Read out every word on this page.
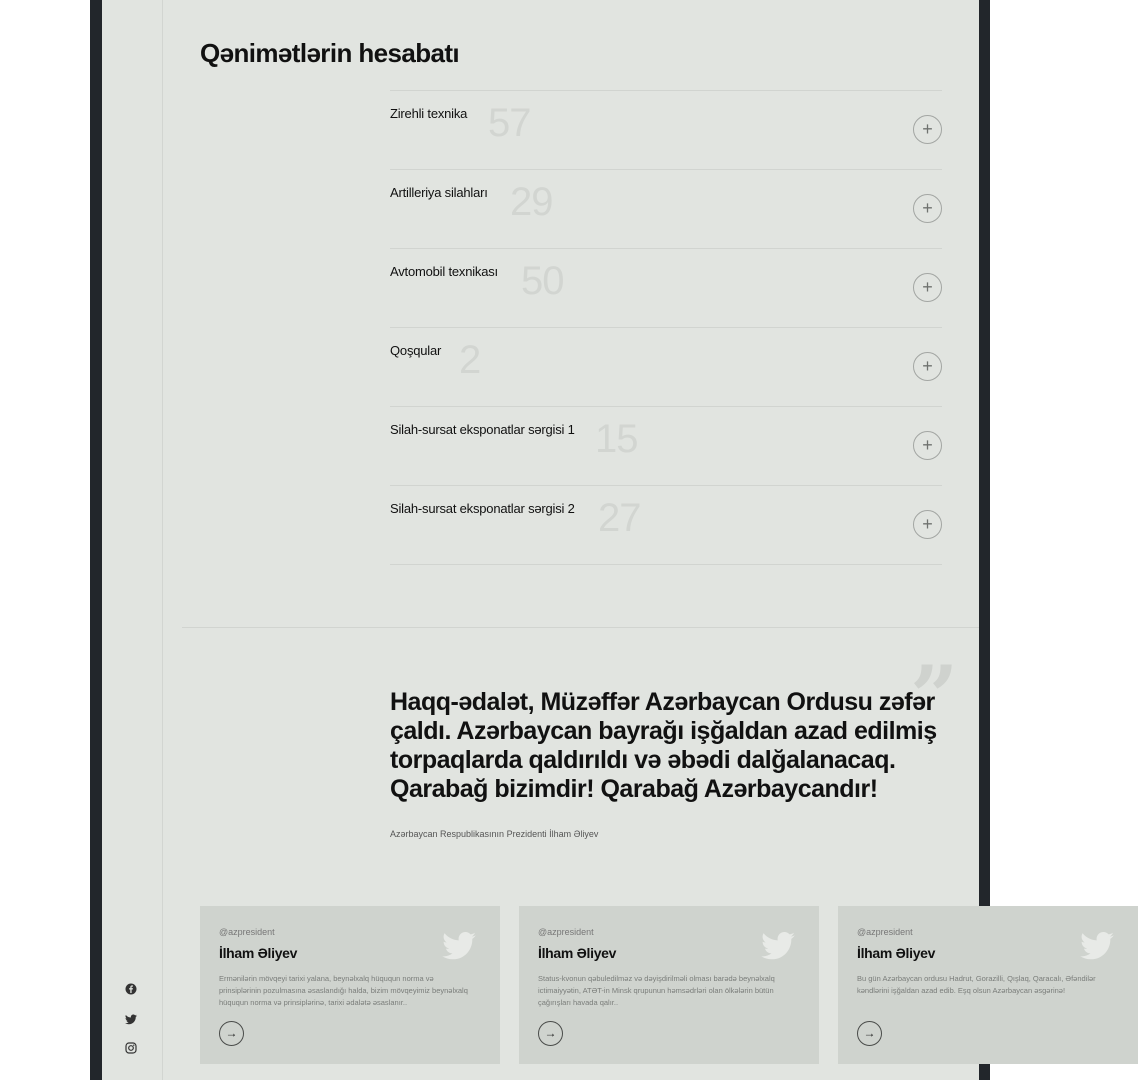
Qənimətlərin hesabatı
Zirehli texnika 57	+
Artilleriya silahları 29	+
Avtomobil texnikası 50	+
Qoşqular 2	+
Silah-sursat eksponatlar sərgisi 1 15	+
Silah-sursat eksponatlar sərgisi 2 27	+
”

Haqq-ədalət, Müzəffər Azərbaycan Ordusu zəfər çaldı. Azərbaycan bayrağı işğaldan azad edilmiş torpaqlarda qaldırıldı və əbədi dalğalanacaq. Qarabağ bizimdir! Qarabağ Azərbaycandır!

Azərbaycan Respublikasının Prezidenti İlham Əliyev

@azpresident
İlham Əliyev

Ermənilərin mövqeyi tarixi yalana, beynəlxalq hüququn norma və prinsiplərinin pozulmasına əsaslandığı halda, bizim mövqeyimiz beynəlxalq hüququn norma və prinsiplərinə, tarixi ədalətə əsaslanır..

→
@azpresident
İlham Əliyev

Status-kvonun qəbuledilməz və dəyişdirilməli olması barədə beynəlxalq ictimaiyyətin, ATƏT-in Minsk qrupunun həmsədrləri olan ölkələrin bütün çağırışları havada qalır..

→
@azpresident
İlham Əliyev

Bu gün Azərbaycan ordusu Hadrut, Goraz​illi, Qışlaq, Qaracalı, Əfəndilər kəndlərini işğaldan azad edib. Eşq olsun Azərbaycan əsgərinə!

→
